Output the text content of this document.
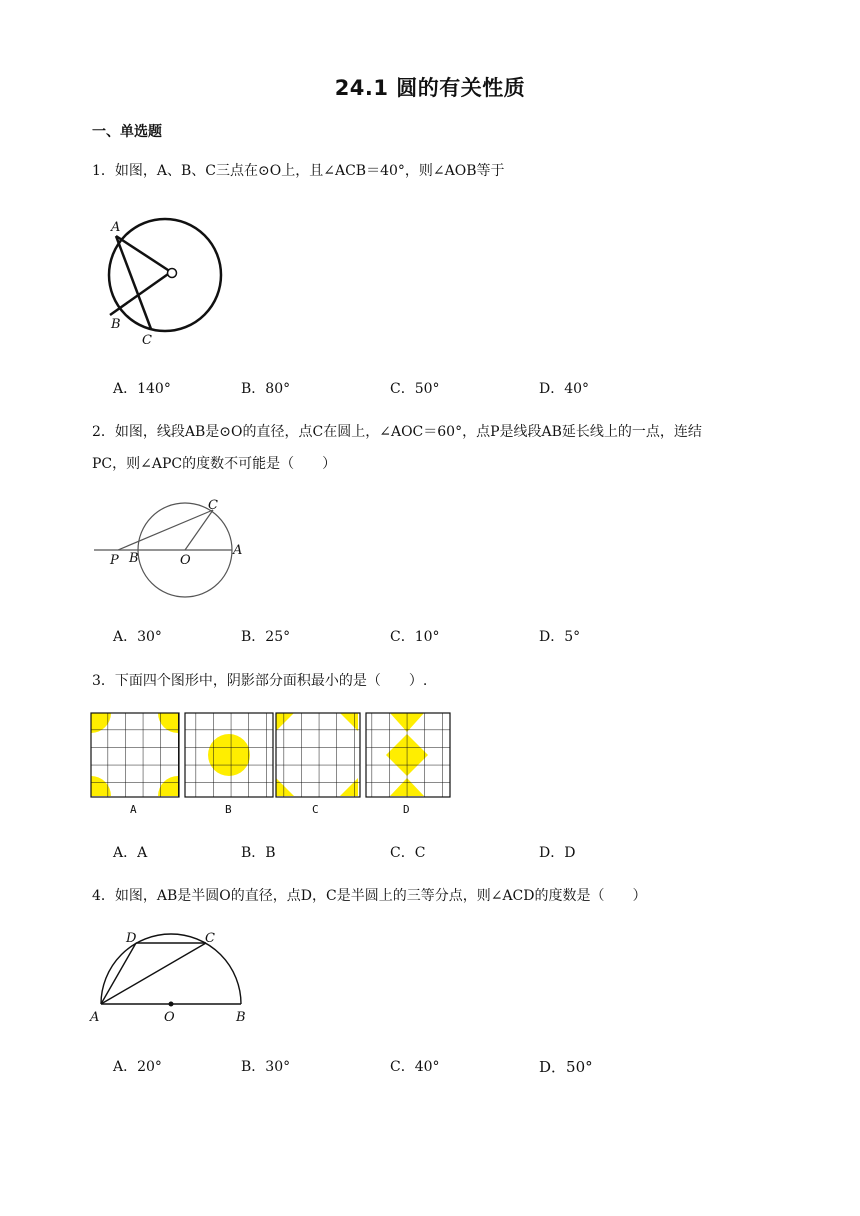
24.1 圆的有关性质
一、单选题
1．如图，A、B、C三点在⊙O上，且∠ACB＝40°，则∠AOB等于
A
B
C
A．140°	B．80°	C．50°	D．40°
2．如图，线段AB是⊙O的直径，点C在圆上，∠AOC＝60°，点P是线段AB延长线上的一点，连结
PC，则∠APC的度数不可能是（　　）
C
P B	O
A
A．30°	B．25°	C．10°	D．5°
3．下面四个图形中，阴影部分面积最小的是（　　）.
A	B	C	D
A．A	B．B	C．C	D．D
4．如图，AB是半圆O的直径，点D，C是半圆上的三等分点，则∠ACD的度数是（　　）
D	C
A	O	B
A．20°	B．30°	C．40°	D．50°
